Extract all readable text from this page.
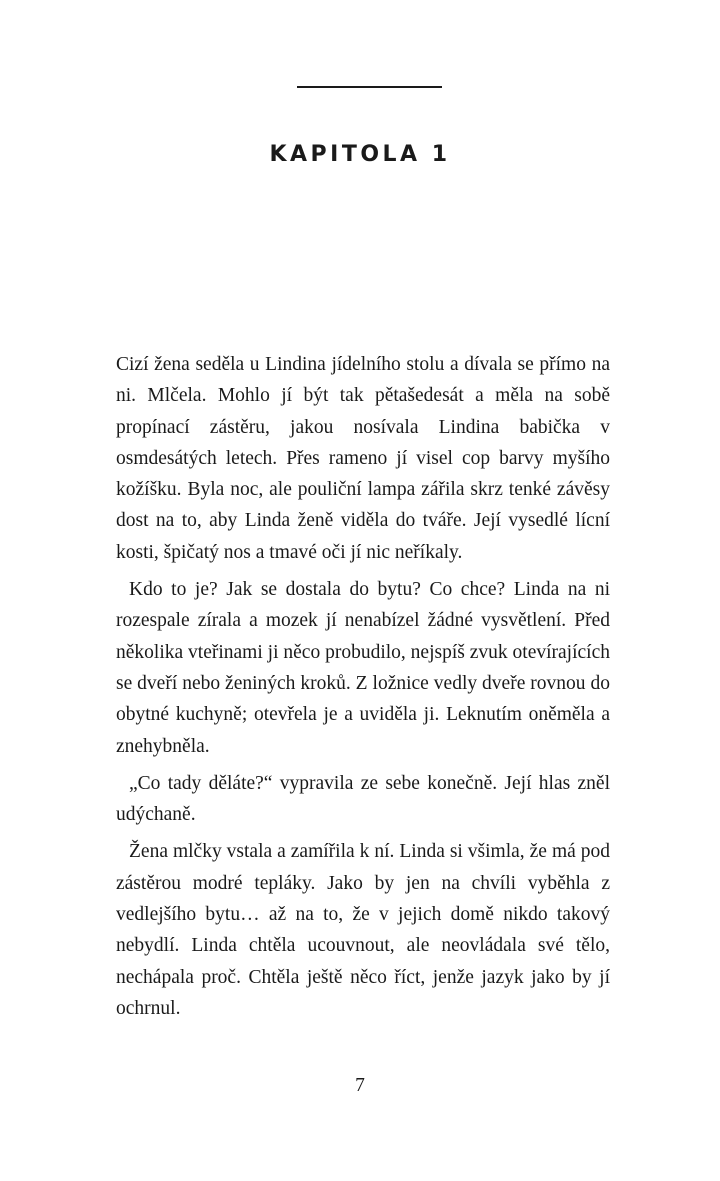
KAPITOLA 1

Cizí žena seděla u Lindina jídelního stolu a dívala se přímo na ni. Mlčela. Mohlo jí být tak pětašedesát a měla na sobě propínací zástěru, jakou nosívala Lindina babička v osmdesátých letech. Přes rameno jí visel cop barvy myšího kožíšku. Byla noc, ale pouliční lampa zářila skrz tenké závěsy dost na to, aby Linda ženě viděla do tváře. Její vysedlé lícní kosti, špičatý nos a tmavé oči jí nic neříkaly.

Kdo to je? Jak se dostala do bytu? Co chce? Linda na ni rozespale zírala a mozek jí nenabízel žádné vysvětlení. Před několika vteřinami ji něco probudilo, nejspíš zvuk otevírajících se dveří nebo ženiných kroků. Z ložnice vedly dveře rovnou do obytné kuchyně; otevřela je a uviděla ji. Leknutím oněměla a znehybněla.

„Co tady děláte?“ vypravila ze sebe konečně. Její hlas zněl udýchaně.

Žena mlčky vstala a zamířila k ní. Linda si všimla, že má pod zástěrou modré tepláky. Jako by jen na chvíli vyběhla z vedlejšího bytu… až na to, že v jejich domě nikdo takový nebydlí. Linda chtěla ucouvnout, ale neovládala své tělo, nechápala proč. Chtěla ještě něco říct, jenže jazyk jako by jí ochrnul.

7
